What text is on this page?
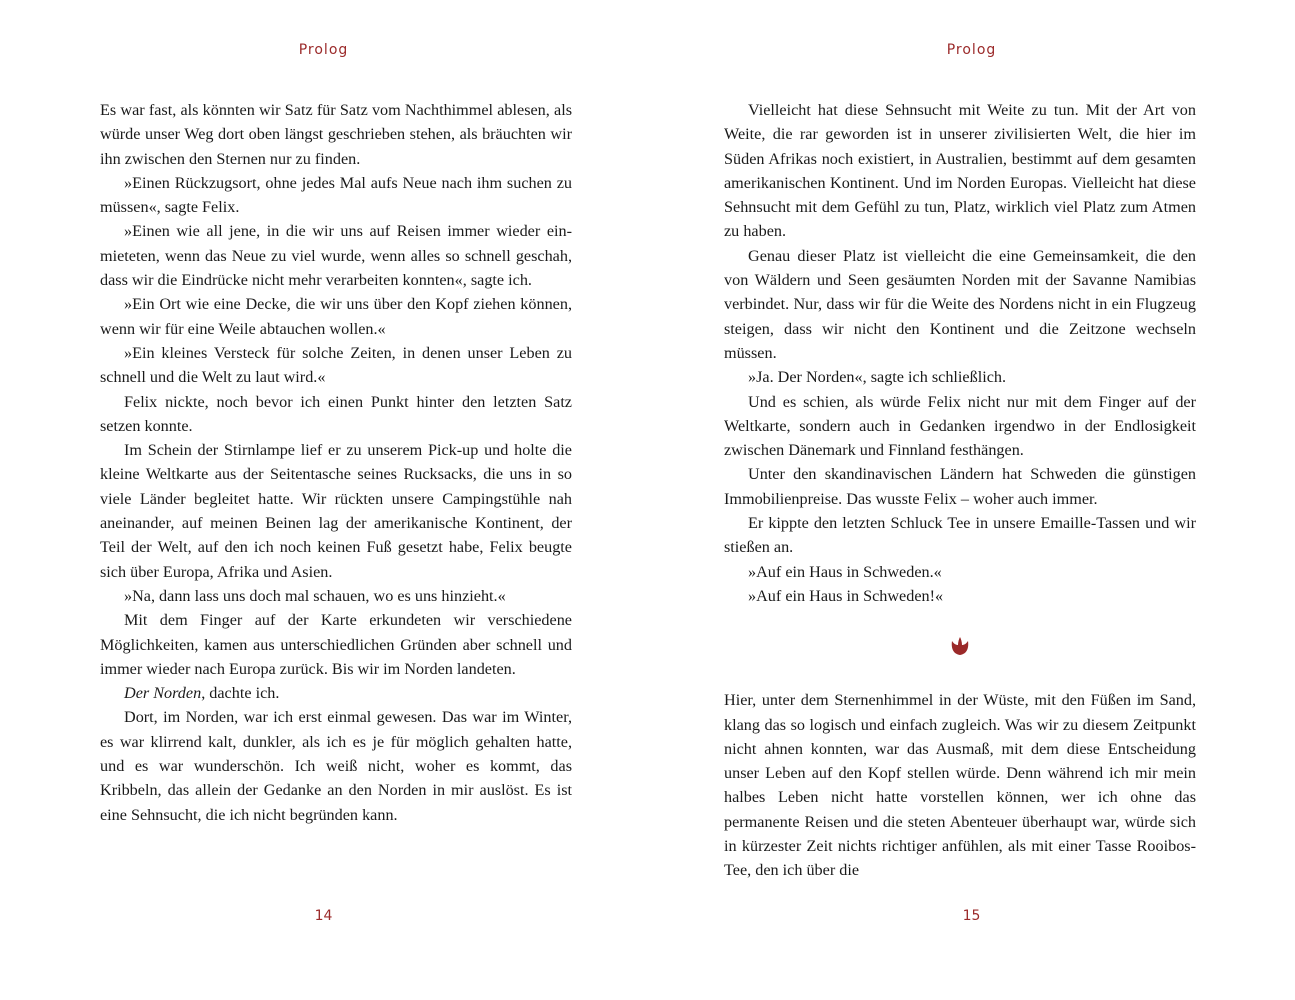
Prolog

Es war fast, als könnten wir Satz für Satz vom Nachthimmel ablesen, als würde unser Weg dort oben längst geschrieben stehen, als bräuchten wir ihn zwischen den Sternen nur zu finden.

»Einen Rückzugsort, ohne jedes Mal aufs Neue nach ihm suchen zu müssen«, sagte Felix.

»Einen wie all jene, in die wir uns auf Reisen immer wieder einmieteten, wenn das Neue zu viel wurde, wenn alles so schnell geschah, dass wir die Eindrücke nicht mehr verarbeiten konnten«, sagte ich.

»Ein Ort wie eine Decke, die wir uns über den Kopf ziehen können, wenn wir für eine Weile abtauchen wollen.«

»Ein kleines Versteck für solche Zeiten, in denen unser Leben zu schnell und die Welt zu laut wird.«

Felix nickte, noch bevor ich einen Punkt hinter den letzten Satz setzen konnte.

Im Schein der Stirnlampe lief er zu unserem Pick-up und holte die kleine Weltkarte aus der Seitentasche seines Rucksacks, die uns in so viele Länder begleitet hatte. Wir rückten unsere Campingstühle nah aneinander, auf meinen Beinen lag der amerikanische Kontinent, der Teil der Welt, auf den ich noch keinen Fuß gesetzt habe, Felix beugte sich über Europa, Afrika und Asien.

»Na, dann lass uns doch mal schauen, wo es uns hinzieht.«

Mit dem Finger auf der Karte erkundeten wir verschiedene Möglichkeiten, kamen aus unterschiedlichen Gründen aber schnell und immer wieder nach Europa zurück. Bis wir im Norden landeten.

Der Norden, dachte ich.

Dort, im Norden, war ich erst einmal gewesen. Das war im Winter, es war klirrend kalt, dunkler, als ich es je für möglich gehalten hatte, und es war wunderschön. Ich weiß nicht, woher es kommt, das Kribbeln, das allein der Gedanke an den Norden in mir auslöst. Es ist eine Sehnsucht, die ich nicht begründen kann.

14
Prolog

Vielleicht hat diese Sehnsucht mit Weite zu tun. Mit der Art von Weite, die rar geworden ist in unserer zivilisierten Welt, die hier im Süden Afrikas noch existiert, in Australien, bestimmt auf dem gesamten amerikanischen Kontinent. Und im Norden Europas. Vielleicht hat diese Sehnsucht mit dem Gefühl zu tun, Platz, wirklich viel Platz zum Atmen zu haben.

Genau dieser Platz ist vielleicht die eine Gemeinsamkeit, die den von Wäldern und Seen gesäumten Norden mit der Savanne Namibias verbindet. Nur, dass wir für die Weite des Nordens nicht in ein Flugzeug steigen, dass wir nicht den Kontinent und die Zeitzone wechseln müssen.

»Ja. Der Norden«, sagte ich schließlich.

Und es schien, als würde Felix nicht nur mit dem Finger auf der Weltkarte, sondern auch in Gedanken irgendwo in der Endlosigkeit zwischen Dänemark und Finnland festhängen.

Unter den skandinavischen Ländern hat Schweden die günstigen Immobilienpreise. Das wusste Felix – woher auch immer.

Er kippte den letzten Schluck Tee in unsere Emaille-Tassen und wir stießen an.

»Auf ein Haus in Schweden.«

»Auf ein Haus in Schweden!«

Hier, unter dem Sternenhimmel in der Wüste, mit den Füßen im Sand, klang das so logisch und einfach zugleich. Was wir zu diesem Zeitpunkt nicht ahnen konnten, war das Ausmaß, mit dem diese Entscheidung unser Leben auf den Kopf stellen würde. Denn während ich mir mein halbes Leben nicht hatte vorstellen können, wer ich ohne das permanente Reisen und die steten Abenteuer überhaupt war, würde sich in kürzester Zeit nichts richtiger anfühlen, als mit einer Tasse Rooibos-Tee, den ich über die

15
